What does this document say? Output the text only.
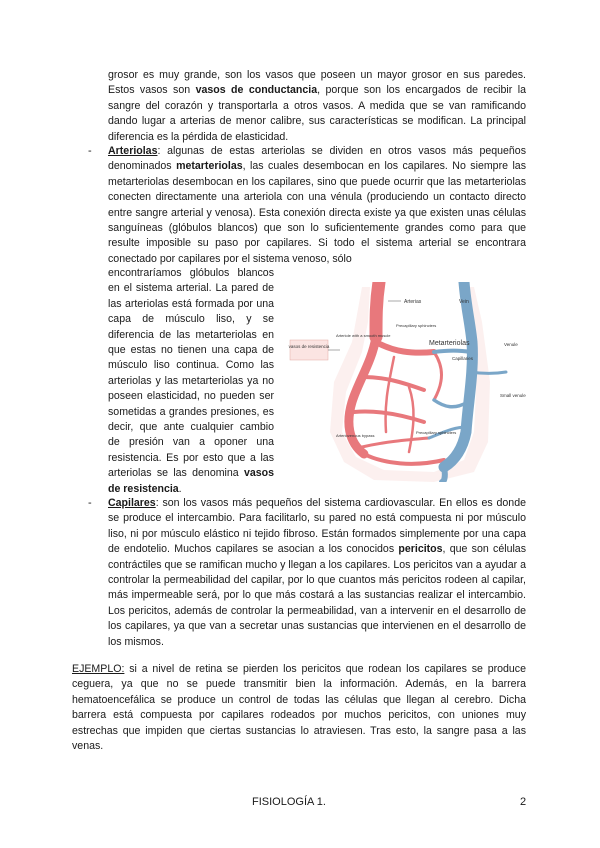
grosor es muy grande, son los vasos que poseen un mayor grosor en sus paredes. Estos vasos son vasos de conductancia, porque son los encargados de recibir la sangre del corazón y transportarla a otros vasos. A medida que se van ramificando dando lugar a arterias de menor calibre, sus características se modifican. La principal diferencia es la pérdida de elasticidad.

- Arteriolas: algunas de estas arteriolas se dividen en otros vasos más pequeños denominados metarteriolas, las cuales desembocan en los capilares. No siempre las metarteriolas desembocan en los capilares, sino que puede ocurrir que las metarteriolas conecten directamente una arteriola con una vénula (produciendo un contacto directo entre sangre arterial y venosa). Esta conexión directa existe ya que existen unas células sanguíneas (glóbulos blancos) que son lo suficientemente grandes como para que resulte imposible su paso por capilares. Si todo el sistema arterial se encontrara conectado por capilares por el sistema venoso, sólo

encontraríamos glóbulos blancos en el sistema arterial. La pared de las arteriolas está formada por una capa de músculo liso, y se diferencia de las metarteriolas en que estas no tienen una capa de músculo liso continua. Como las arteriolas y las metarteriolas ya no poseen elasticidad, no pueden ser sometidas a grandes presiones, es decir, que ante cualquier cambio de presión van a oponer una resistencia. Es por esto que a las arteriolas se las denomina vasos de resistencia.

vasos de resistencia
Arterias	Vein
Arteriole with a smooth muscle
Precapillary sphincters
Metarteriolas	Venule
Capillaries
Small venule
Arteriovenous bypass
Precapillary sphincters
- Capilares: son los vasos más pequeños del sistema cardiovascular. En ellos es donde se produce el intercambio. Para facilitarlo, su pared no está compuesta ni por músculo liso, ni por músculo elástico ni tejido fibroso. Están formados simplemente por una capa de endotelio. Muchos capilares se asocian a los conocidos pericitos, que son células contráctiles que se ramifican mucho y llegan a los capilares. Los pericitos van a ayudar a controlar la permeabilidad del capilar, por lo que cuantos más pericitos rodeen al capilar, más impermeable será, por lo que más costará a las sustancias realizar el intercambio. Los pericitos, además de controlar la permeabilidad, van a intervenir en el desarrollo de los capilares, ya que van a secretar unas sustancias que intervienen en el desarrollo de los mismos.

EJEMPLO: si a nivel de retina se pierden los pericitos que rodean los capilares se produce ceguera, ya que no se puede transmitir bien la información. Además, en la barrera hematoencefálica se produce un control de todas las células que llegan al cerebro. Dicha barrera está compuesta por capilares rodeados por muchos pericitos, con uniones muy estrechas que impiden que ciertas sustancias lo atraviesen. Tras esto, la sangre pasa a las venas.

FISIOLOGÍA 1.	2
